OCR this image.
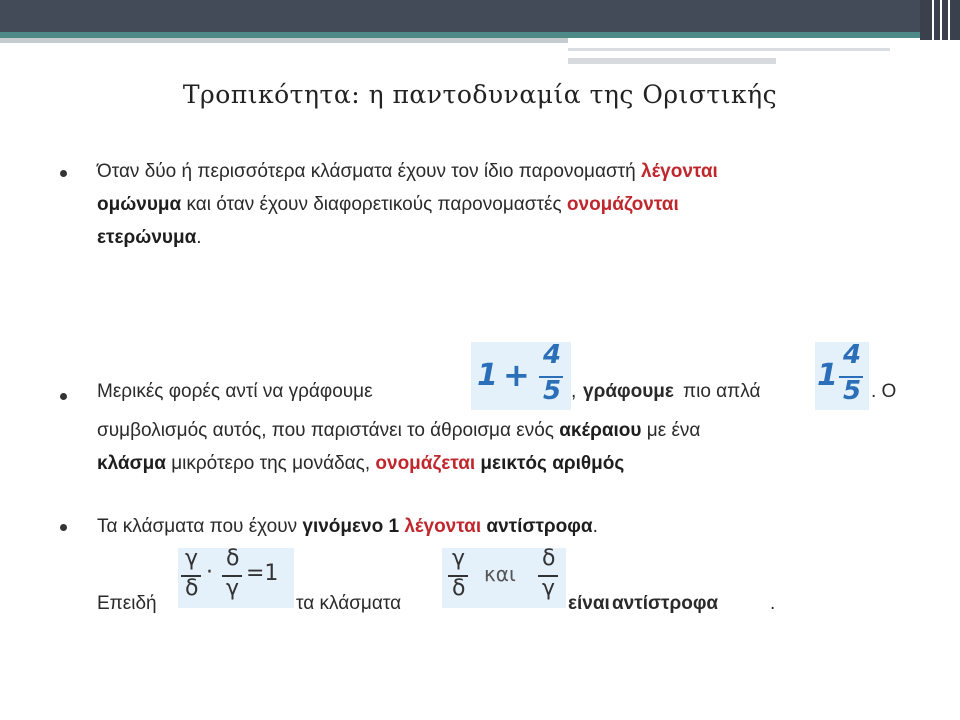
Τροπικότητα: η παντοδυναμία της Οριστικής
Όταν δύο ή περισσότερα κλάσματα έχουν τον ίδιο παρονομαστή λέγονται
ομώνυμα και όταν έχουν διαφορετικούς παρονομαστές ονομάζονται
ετερώνυμα.
Μερικές φορές αντί να γράφουμε	1 +
4
5 , γράφουμε πιο απλά 1
4
5 . Ο
συμβολισμός αυτός, που παριστάνει το άθροισμα ενός ακέραιου με ένα
κλάσμα μικρότερο της μονάδας, ονομάζεται μεικτός αριθμός
Τα κλάσματα που έχουν γινόμενο 1 λέγονται αντίστροφα.
Επειδή
γ
δ
·
δ
γ
=1
τα κλάσματα
γ
δ
και
δ
γ
είναι αντίστροφα	.
